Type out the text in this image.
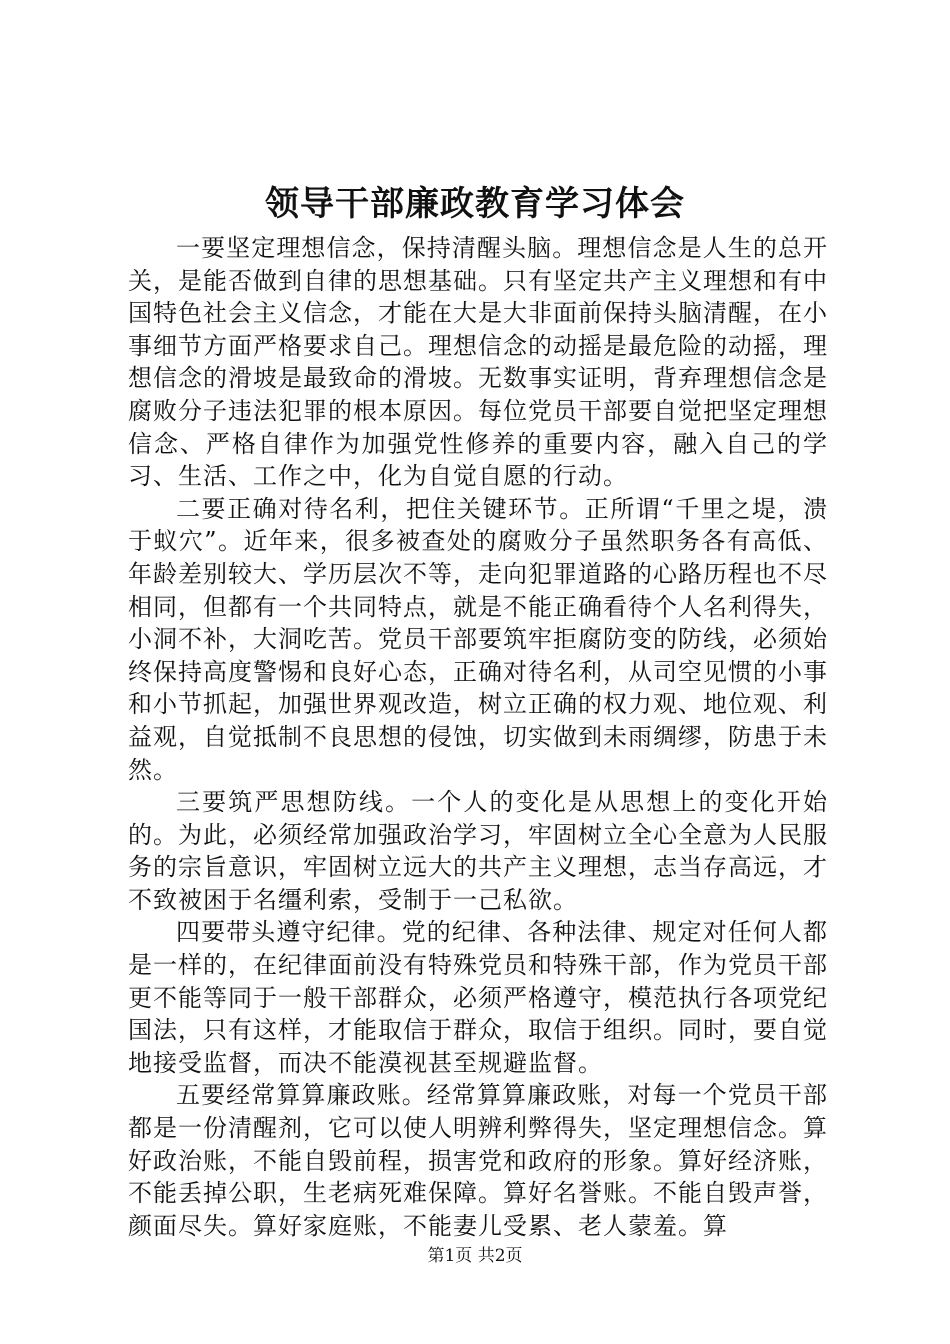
领导干部廉政教育学习体会

一要坚定理想信念，保持清醒头脑。理想信念是人生的总开关，是能否做到自律的思想基础。只有坚定共产主义理想和有中国特色社会主义信念，才能在大是大非面前保持头脑清醒，在小事细节方面严格要求自己。理想信念的动摇是最危险的动摇，理想信念的滑坡是最致命的滑坡。无数事实证明，背弃理想信念是腐败分子违法犯罪的根本原因。每位党员干部要自觉把坚定理想信念、严格自律作为加强党性修养的重要内容，融入自己的学习、生活、工作之中，化为自觉自愿的行动。

二要正确对待名利，把住关键环节。正所谓“千里之堤，溃于蚁穴”。近年来，很多被查处的腐败分子虽然职务各有高低、年龄差别较大、学历层次不等，走向犯罪道路的心路历程也不尽相同，但都有一个共同特点，就是不能正确看待个人名利得失，小洞不补，大洞吃苦。党员干部要筑牢拒腐防变的防线，必须始终保持高度警惕和良好心态，正确对待名利，从司空见惯的小事和小节抓起，加强世界观改造，树立正确的权力观、地位观、利益观，自觉抵制不良思想的侵蚀，切实做到未雨绸缪，防患于未然。

三要筑严思想防线。一个人的变化是从思想上的变化开始的。为此，必须经常加强政治学习，牢固树立全心全意为人民服务的宗旨意识，牢固树立远大的共产主义理想，志当存高远，才不致被困于名缰利索，受制于一己私欲。

四要带头遵守纪律。党的纪律、各种法律、规定对任何人都是一样的，在纪律面前没有特殊党员和特殊干部，作为党员干部更不能等同于一般干部群众，必须严格遵守，模范执行各项党纪国法，只有这样，才能取信于群众，取信于组织。同时，要自觉地接受监督，而决不能漠视甚至规避监督。

五要经常算算廉政账。经常算算廉政账，对每一个党员干部都是一份清醒剂，它可以使人明辨利弊得失，坚定理想信念。算好政治账，不能自毁前程，损害党和政府的形象。算好经济账，不能丢掉公职，生老病死难保障。算好名誉账。不能自毁声誉，颜面尽失。算好家庭账，不能妻儿受累、老人蒙羞。算

第1页 共2页
